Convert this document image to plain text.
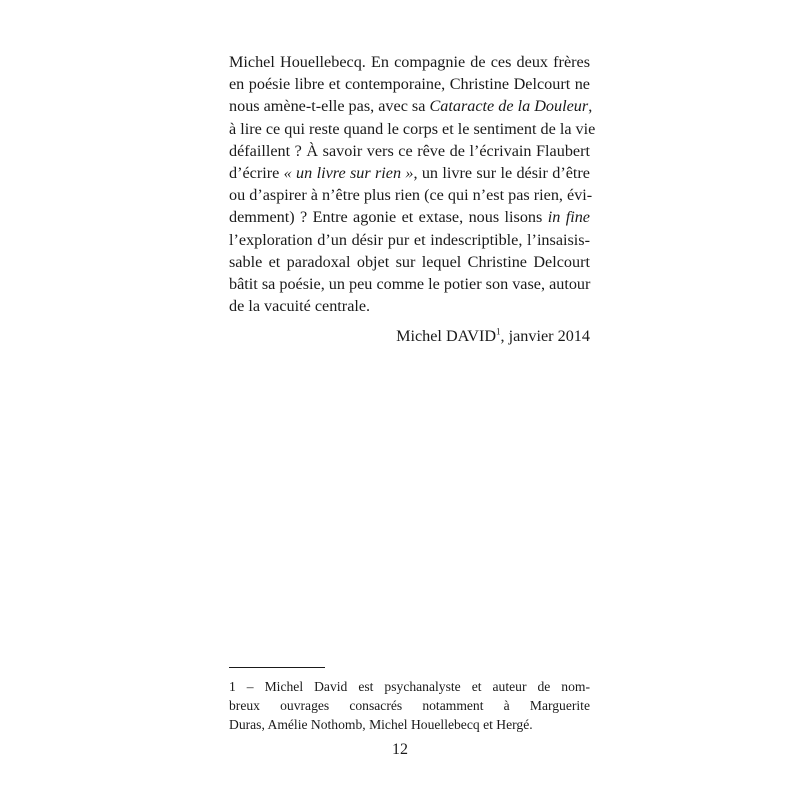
Michel Houellebecq. En compagnie de ces deux frères
en poésie libre et contemporaine, Christine Delcourt ne
nous amène-t-elle pas, avec sa Cataracte de la Douleur,
à lire ce qui reste quand le corps et le sentiment de la vie
défaillent ? À savoir vers ce rêve de l’écrivain Flaubert
d’écrire « un livre sur rien », un livre sur le désir d’être
ou d’aspirer à n’être plus rien (ce qui n’est pas rien, évi-
demment) ? Entre agonie et extase, nous lisons in fine
l’exploration d’un désir pur et indescriptible, l’insaisis-
sable et paradoxal objet sur lequel Christine Delcourt
bâtit sa poésie, un peu comme le potier son vase, autour
de la vacuité centrale.
Michel DAVID$^1$, janvier 2014
1 – Michel David est psychanalyste et auteur de nom-
breux ouvrages consacrés notamment à Marguerite
Duras, Amélie Nothomb, Michel Houellebecq et Hergé.
12
